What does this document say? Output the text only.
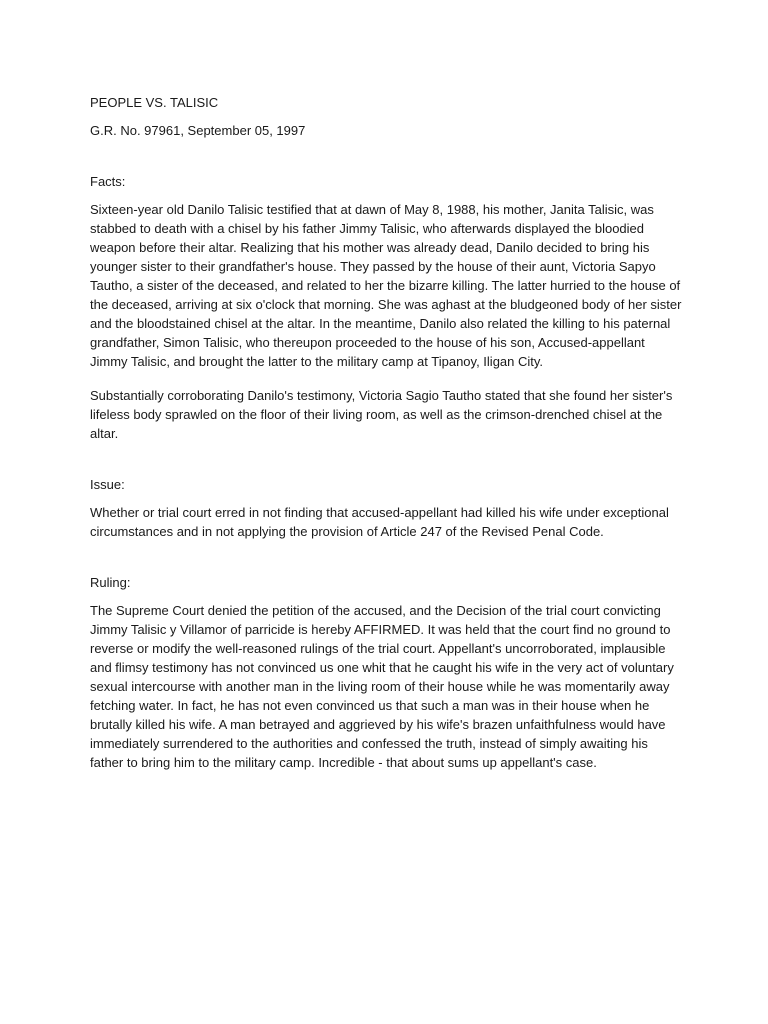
PEOPLE VS. TALISIC

G.R. No. 97961, September 05, 1997

Facts:

Sixteen-year old Danilo Talisic testified that at dawn of May 8, 1988, his mother, Janita Talisic, was stabbed to death with a chisel by his father Jimmy Talisic, who afterwards displayed the bloodied weapon before their altar. Realizing that his mother was already dead, Danilo decided to bring his younger sister to their grandfather's house. They passed by the house of their aunt, Victoria Sapyo Tautho, a sister of the deceased, and related to her the bizarre killing. The latter hurried to the house of the deceased, arriving at six o'clock that morning. She was aghast at the bludgeoned body of her sister and the bloodstained chisel at the altar. In the meantime, Danilo also related the killing to his paternal grandfather, Simon Talisic, who thereupon proceeded to the house of his son, Accused-appellant Jimmy Talisic, and brought the latter to the military camp at Tipanoy, Iligan City.

Substantially corroborating Danilo's testimony, Victoria Sagio Tautho stated that she found her sister's lifeless body sprawled on the floor of their living room, as well as the crimson-drenched chisel at the altar.

Issue:

Whether or trial court erred in not finding that accused-appellant had killed his wife under exceptional circumstances and in not applying the provision of Article 247 of the Revised Penal Code.

Ruling:

The Supreme Court denied the petition of the accused, and the Decision of the trial court convicting Jimmy Talisic y Villamor of parricide is hereby AFFIRMED. It was held that the court find no ground to reverse or modify the well-reasoned rulings of the trial court. Appellant's uncorroborated, implausible and flimsy testimony has not convinced us one whit that he caught his wife in the very act of voluntary sexual intercourse with another man in the living room of their house while he was momentarily away fetching water. In fact, he has not even convinced us that such a man was in their house when he brutally killed his wife. A man betrayed and aggrieved by his wife's brazen unfaithfulness would have immediately surrendered to the authorities and confessed the truth, instead of simply awaiting his father to bring him to the military camp. Incredible - that about sums up appellant's case.
